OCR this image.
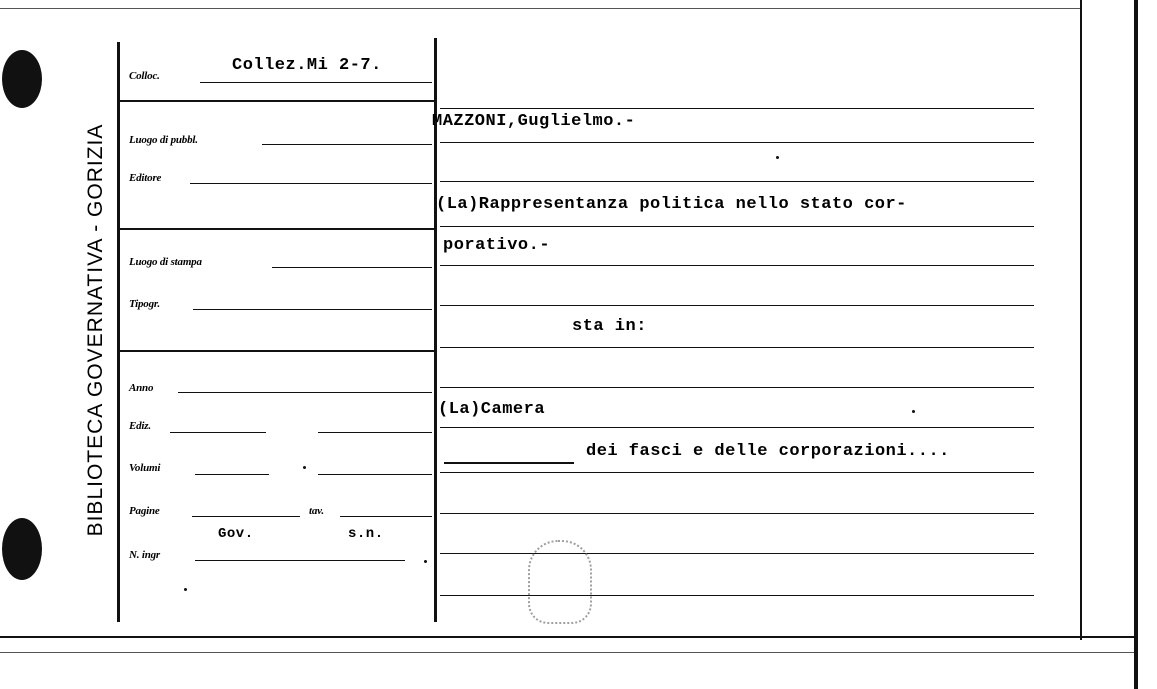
BIBLIOTECA GOVERNATIVA - GORIZIA
Colloc.
Collez.Mi 2-7.
Luogo di pubbl.
Editore
Luogo di stampa
Tipogr.
Anno
Ediz.
Volumi
Pagine	tav.
N. ingr
Gov.	s.n.
MAZZONI,Guglielmo.-
(La)Rappresentanza politica nello stato cor-
porativo.-
sta in:
(La)Camera
dei fasci e delle corporazioni....
